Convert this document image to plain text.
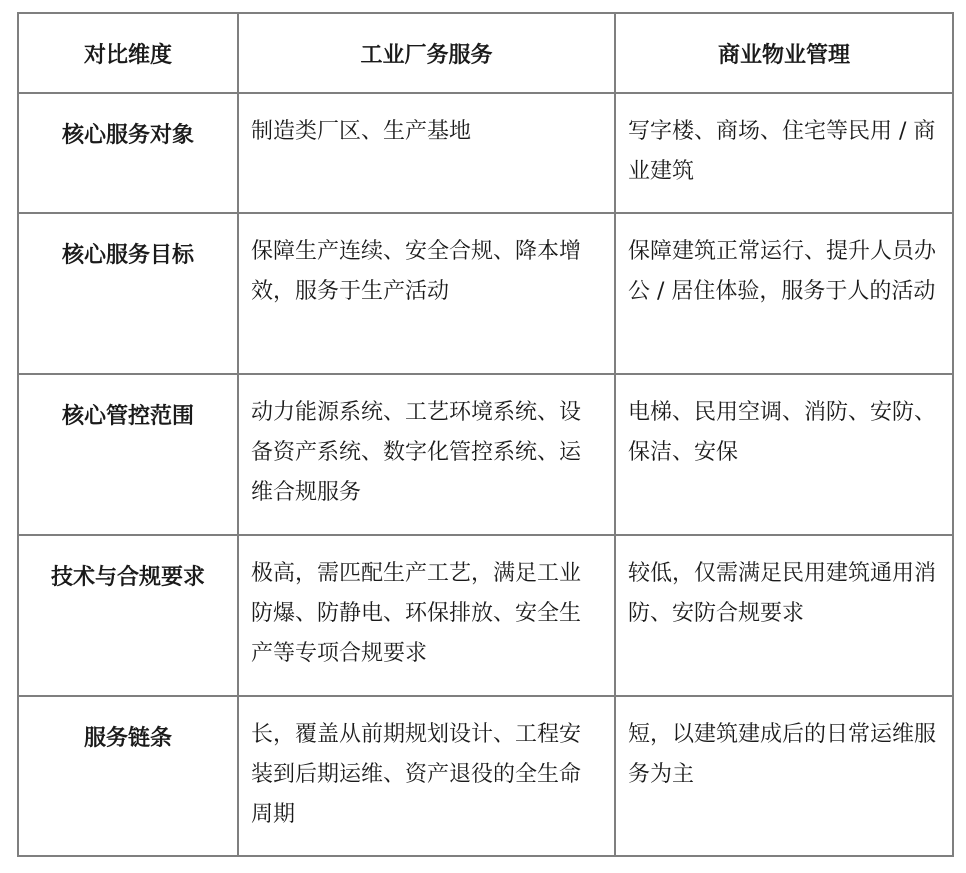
对比维度	工业厂务服务	商业物业管理
核心服务对象	制造类厂区、生产基地	写字楼、商场、住宅等民用 / 商业建筑
核心服务目标	保障生产连续、安全合规、降本增效，服务于生产活动	保障建筑正常运行、提升人员办公 / 居住体验，服务于人的活动
核心管控范围	动力能源系统、工艺环境系统、设备资产系统、数字化管控系统、运维合规服务	电梯、民用空调、消防、安防、保洁、安保
技术与合规要求	极高，需匹配生产工艺，满足工业防爆、防静电、环保排放、安全生产等专项合规要求	较低，仅需满足民用建筑通用消防、安防合规要求
服务链条	长，覆盖从前期规划设计、工程安装到后期运维、资产退役的全生命周期	短，以建筑建成后的日常运维服务为主
